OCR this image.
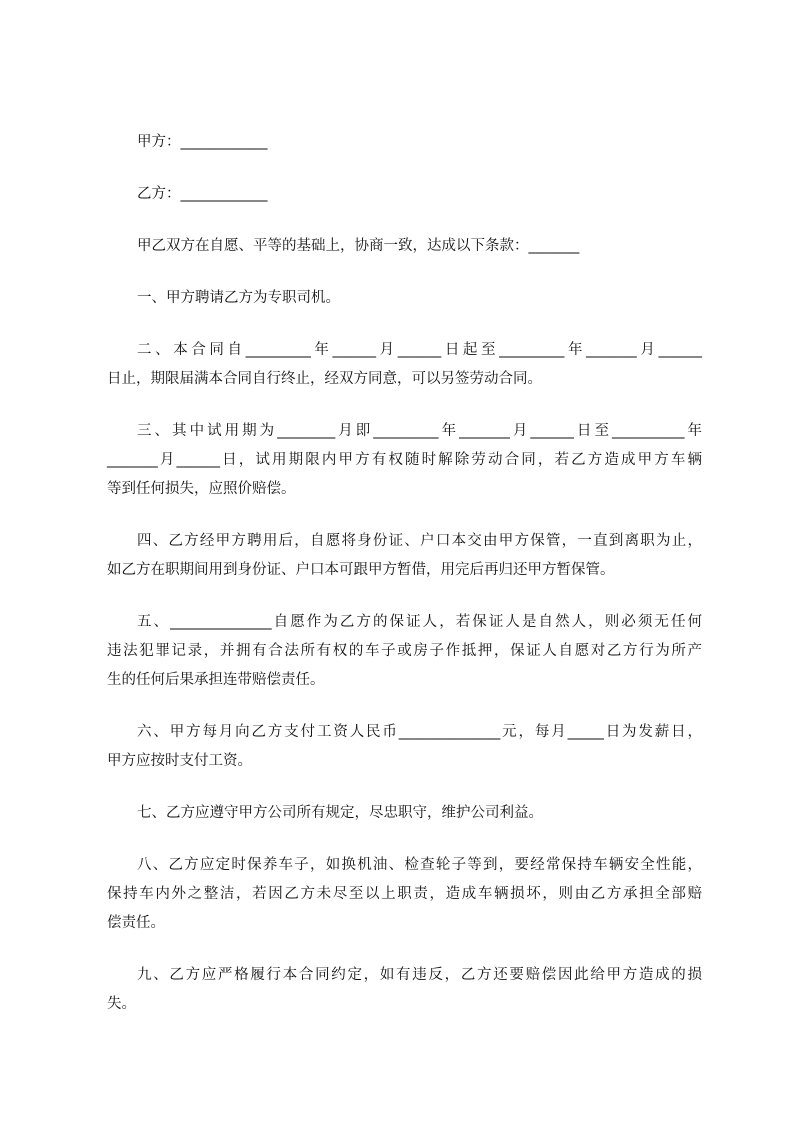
甲方：____________

乙方：____________

甲乙双方在自愿、平等的基础上，协商一致，达成以下条款：_______

一、甲方聘请乙方为专职司机。

二、本合同自_________年______月______日起至_________年_______月______

日止，期限届满本合同自行终止，经双方同意，可以另签劳动合同。

三、其中试用期为________月即_________年_______月______日至__________年

_______月______日，试用期限内甲方有权随时解除劳动合同，若乙方造成甲方车辆

等到任何损失，应照价赔偿。

四、乙方经甲方聘用后，自愿将身份证、户口本交由甲方保管，一直到离职为止，

如乙方在职期间用到身份证、户口本可跟甲方暂借，用完后再归还甲方暂保管。

五、______________自愿作为乙方的保证人，若保证人是自然人，则必须无任何

违法犯罪记录，并拥有合法所有权的车子或房子作抵押，保证人自愿对乙方行为所产

生的任何后果承担连带赔偿责任。

六、甲方每月向乙方支付工资人民币______________元，每月_____日为发薪日，

甲方应按时支付工资。

七、乙方应遵守甲方公司所有规定，尽忠职守，维护公司利益。

八、乙方应定时保养车子，如换机油、检查轮子等到，要经常保持车辆安全性能，

保持车内外之整洁，若因乙方未尽至以上职责，造成车辆损坏，则由乙方承担全部赔

偿责任。

九、乙方应严格履行本合同约定，如有违反，乙方还要赔偿因此给甲方造成的损

失。
